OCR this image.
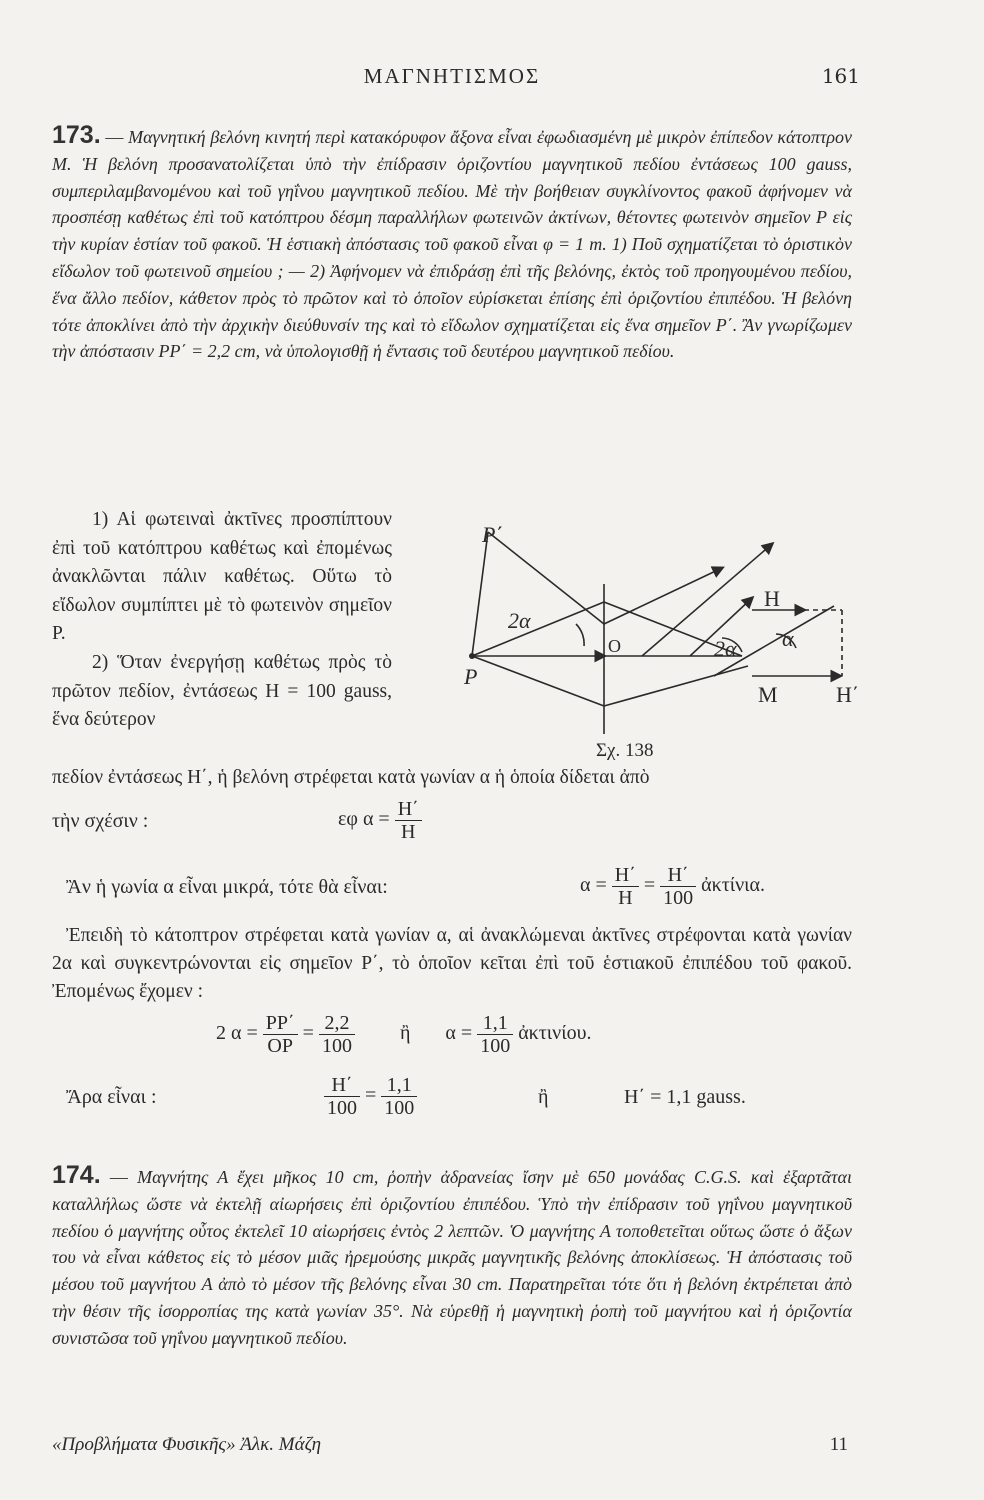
ΜΑΓΝΗΤΙΣΜΟΣ	161
173. — Μαγνητική βελόνη κινητή περὶ κατακόρυφον ἄξονα εἶναι ἐφωδιασμένη μὲ μικρὸν ἐπίπεδον κάτοπτρον Μ. Ἡ βελόνη προσανατολίζεται ὑπὸ τὴν ἐπίδρασιν ὁριζοντίου μαγνητικοῦ πεδίου ἐντάσεως 100 gauss, συμπεριλαμβανομένου καὶ τοῦ γηΐνου μαγνητικοῦ πεδίου. Μὲ τὴν βοήθειαν συγκλίνοντος φακοῦ ἀφήνομεν νὰ προσπέσῃ καθέτως ἐπὶ τοῦ κατόπτρου δέσμη παραλλήλων φωτεινῶν ἀκτίνων, θέτοντες φωτεινὸν σημεῖον Ρ εἰς τὴν κυρίαν ἑστίαν τοῦ φακοῦ. Ἡ ἑστιακὴ ἀπόστασις τοῦ φακοῦ εἶναι φ = 1 m. 1) Ποῦ σχηματίζεται τὸ ὁριστικὸν εἴδωλον τοῦ φωτεινοῦ σημείου ; — 2) Ἀφήνομεν νὰ ἐπιδράσῃ ἐπὶ τῆς βελόνης, ἐκτὸς τοῦ προηγουμένου πεδίου, ἕνα ἄλλο πεδίον, κάθετον πρὸς τὸ πρῶτον καὶ τὸ ὁποῖον εὑρίσκεται ἐπίσης ἐπὶ ὁριζοντίου ἐπιπέδου. Ἡ βελόνη τότε ἀποκλίνει ἀπὸ τὴν ἀρχικὴν διεύθυνσίν της καὶ τὸ εἴδωλον σχηματίζεται εἰς ἕνα σημεῖον Ρ΄. Ἂν γνωρίζωμεν τὴν ἀπόστασιν ΡΡ΄ = 2,2 cm, νὰ ὑπολογισθῇ ἡ ἔντασις τοῦ δευτέρου μαγνητικοῦ πεδίου.

1) Αἱ φωτειναὶ ἀκτῖνες προσπίπτουν ἐπὶ τοῦ κατόπτρου καθέτως καὶ ἐπομένως ἀνακλῶνται πάλιν καθέτως. Οὕτω τὸ εἴδωλον συμπίπτει μὲ τὸ φωτεινὸν σημεῖον Ρ.

2) Ὅταν ἐνεργήσῃ καθέτως πρὸς τὸ πρῶτον πεδίον, ἐντάσεως Η = 100 gauss, ἕνα δεύτερον

Ρ΄
Ρ
O
M
H
H΄
2α
2α α
Σχ. 138

πεδίον ἐντάσεως Η΄, ἡ βελόνη στρέφεται κατὰ γωνίαν α ἡ ὁποία δίδεται ἀπὸ

τὴν σχέσιν :	εφ $\alpha = \frac{H΄}{H}$
Ἂν ἡ γωνία α εἶναι μικρά, τότε θὰ εἶναι:	$\alpha = \frac{H΄}{H} = \frac{H΄}{100}$ ἀκτίνια.

Ἐπειδὴ τὸ κάτοπτρον στρέφεται κατὰ γωνίαν α, αἱ ἀνακλώμεναι ἀκτῖνες στρέφονται κατὰ γωνίαν 2α καὶ συγκεντρώνονται εἰς σημεῖον Ρ΄, τὸ ὁποῖον κεῖται ἐπὶ τοῦ ἑστιακοῦ ἐπιπέδου τοῦ φακοῦ. Ἐπομένως ἔχομεν :

2 $\alpha = \frac{PP΄}{OP} = \frac{2,2}{100}$ ἢ $\alpha = \frac{1,1}{100}$ ἀκτινίου.
Ἄρα εἶναι :	$\frac{H΄}{100} = \frac{1,1}{100}$	ἢ	Η΄ = 1,1 gauss.
174. — Μαγνήτης Α ἔχει μῆκος 10 cm, ῥοπὴν ἀδρανείας ἴσην μὲ 650 μονάδας C.G.S. καὶ ἐξαρτᾶται καταλλήλως ὥστε νὰ ἐκτελῇ αἰωρήσεις ἐπὶ ὁριζοντίου ἐπιπέδου. Ὑπὸ τὴν ἐπίδρασιν τοῦ γηΐνου μαγνητικοῦ πεδίου ὁ μαγνήτης οὗτος ἐκτελεῖ 10 αἰωρήσεις ἐντὸς 2 λεπτῶν. Ὁ μαγνήτης Α τοποθετεῖται οὕτως ὥστε ὁ ἄξων του νὰ εἶναι κάθετος εἰς τὸ μέσον μιᾶς ἠρεμούσης μικρᾶς μαγνητικῆς βελόνης ἀποκλίσεως. Ἡ ἀπόστασις τοῦ μέσου τοῦ μαγνήτου Α ἀπὸ τὸ μέσον τῆς βελόνης εἶναι 30 cm. Παρατηρεῖται τότε ὅτι ἡ βελόνη ἐκτρέπεται ἀπὸ τὴν θέσιν τῆς ἰσορροπίας της κατὰ γωνίαν 35°. Νὰ εὑρεθῇ ἡ μαγνητικὴ ῥοπὴ τοῦ μαγνήτου καὶ ἡ ὁριζοντία συνιστῶσα τοῦ γηΐνου μαγνητικοῦ πεδίου.
«Προβλήματα Φυσικῆς» Ἀλκ. Μάζη	11
